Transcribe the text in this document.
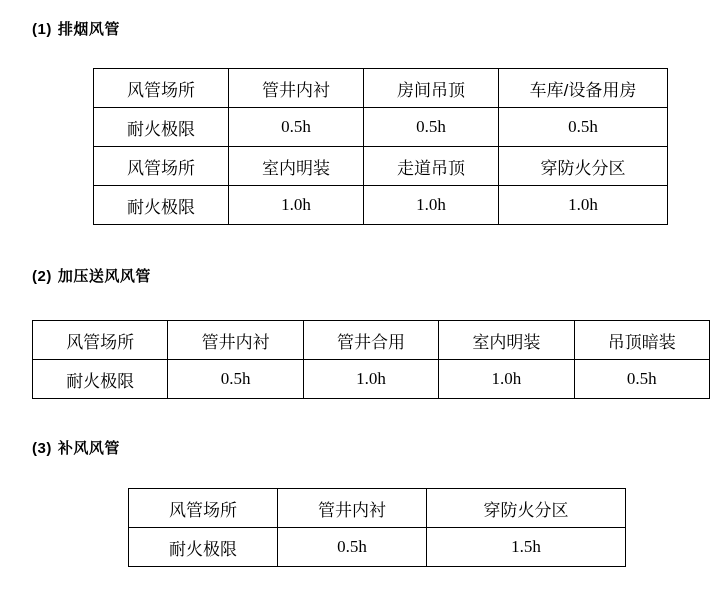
(1) 排烟风管
风管场所	管井内衬	房间吊顶	车库/设备用房
耐火极限	0.5h	0.5h	0.5h
风管场所	室内明装	走道吊顶	穿防火分区
耐火极限	1.0h	1.0h	1.0h
(2) 加压送风风管
风管场所	管井内衬	管井合用	室内明装	吊顶暗装
耐火极限	0.5h	1.0h	1.0h	0.5h
(3) 补风风管
风管场所	管井内衬	穿防火分区
耐火极限	0.5h	1.5h
